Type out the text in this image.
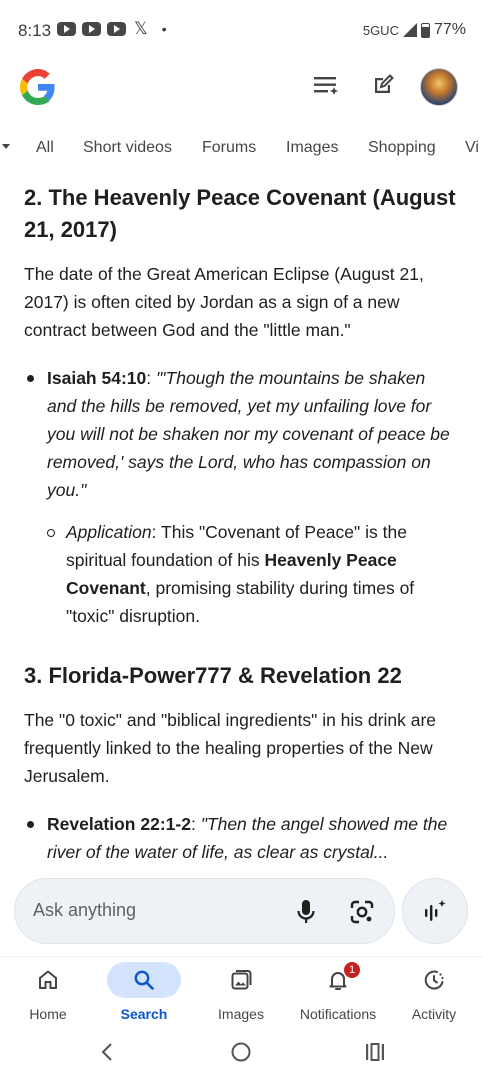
8:13	𝕏 •	5GUC 77%
All Short videos Forums Images Shopping Vi
2. The Heavenly Peace Covenant (August 21, 2017)

The date of the Great American Eclipse (August 21, 2017) is often cited by Jordan as a sign of a new contract between God and the "little man."

Isaiah 54:10: "'Though the mountains be shaken and the hills be removed, yet my unfailing love for you will not be shaken nor my covenant of peace be removed,' says the Lord, who has compassion on you."
Application: This "Covenant of Peace" is the spiritual foundation of his Heavenly Peace Covenant, promising stability during times of "toxic" disruption.
3. Florida-Power777 & Revelation 22

The "0 toxic" and "biblical ingredients" in his drink are frequently linked to the healing properties of the New Jerusalem.

Revelation 22:1-2: "Then the angel showed me the river of the water of life, as clear as crystal...
Ask anything
Home	Search	Images
1
Notifications	Activity
